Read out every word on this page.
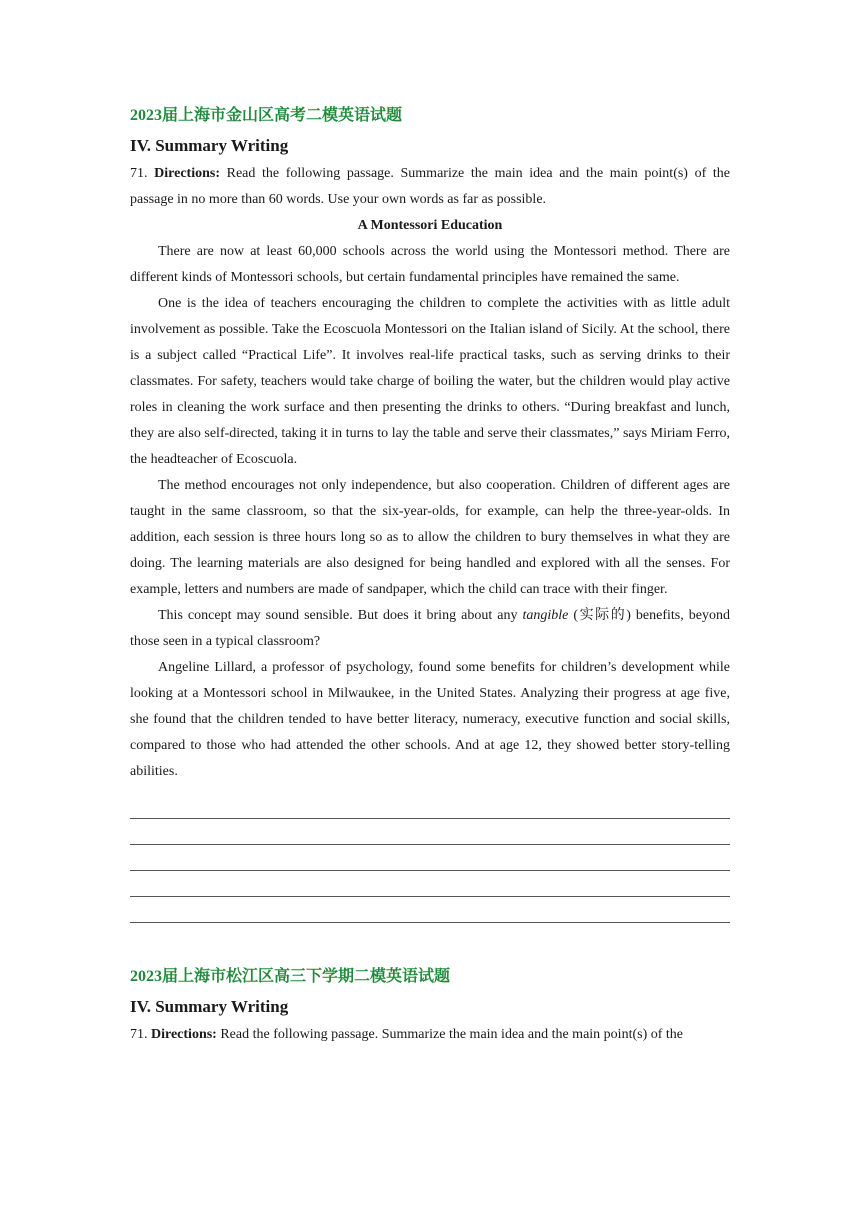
2023届上海市金山区高考二模英语试题

IV. Summary Writing

71. Directions: Read the following passage. Summarize the main idea and the main point(s) of the passage in no more than 60 words. Use your own words as far as possible.

A Montessori Education

There are now at least 60,000 schools across the world using the Montessori method. There are different kinds of Montessori schools, but certain fundamental principles have remained the same.

One is the idea of teachers encouraging the children to complete the activities with as little adult involvement as possible. Take the Ecoscuola Montessori on the Italian island of Sicily. At the school, there is a subject called “Practical Life”. It involves real-life practical tasks, such as serving drinks to their classmates. For safety, teachers would take charge of boiling the water, but the children would play active roles in cleaning the work surface and then presenting the drinks to others. “During breakfast and lunch, they are also self-directed, taking it in turns to lay the table and serve their classmates,” says Miriam Ferro, the headteacher of Ecoscuola.

The method encourages not only independence, but also cooperation. Children of different ages are taught in the same classroom, so that the six-year-olds, for example, can help the three-year-olds. In addition, each session is three hours long so as to allow the children to bury themselves in what they are doing. The learning materials are also designed for being handled and explored with all the senses. For example, letters and numbers are made of sandpaper, which the child can trace with their finger.

This concept may sound sensible. But does it bring about any tangible (实际的) benefits, beyond those seen in a typical classroom?

Angeline Lillard, a professor of psychology, found some benefits for children’s development while looking at a Montessori school in Milwaukee, in the United States. Analyzing their progress at age five, she found that the children tended to have better literacy, numeracy, executive function and social skills, compared to those who had attended the other schools. And at age 12, they showed better story-telling abilities.

2023届上海市松江区高三下学期二模英语试题

IV. Summary Writing

71. Directions: Read the following passage. Summarize the main idea and the main point(s) of the
